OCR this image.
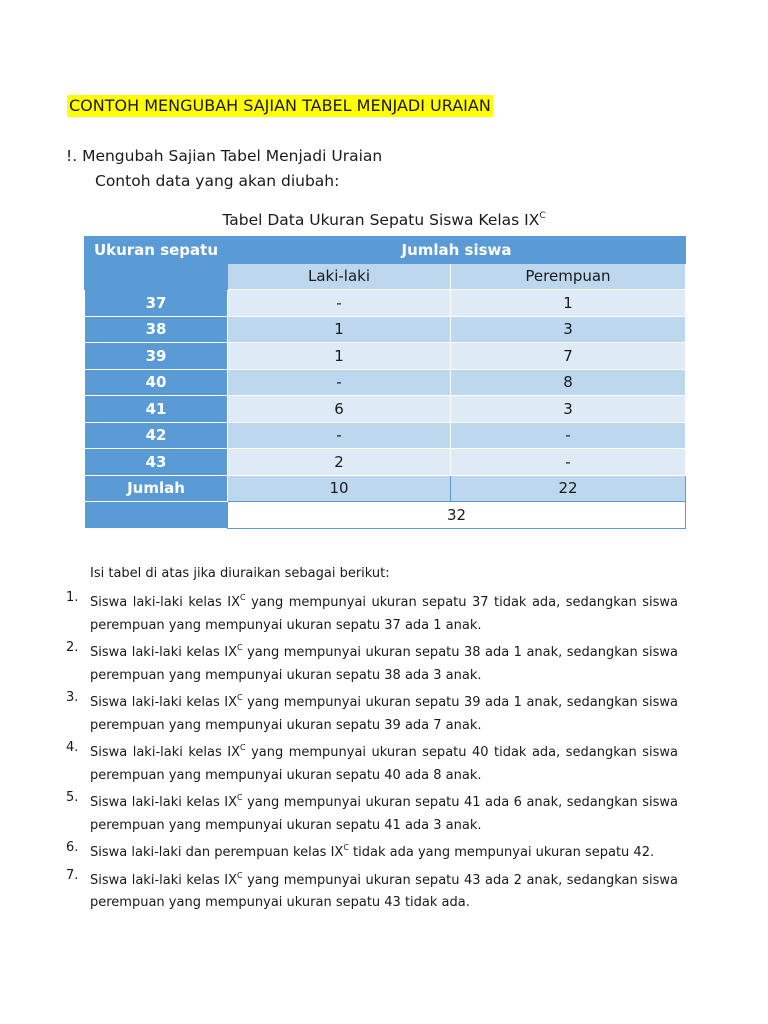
CONTOH MENGUBAH SAJIAN TABEL MENJADI URAIAN
!. Mengubah Sajian Tabel Menjadi Uraian
Contoh data yang akan diubah:
Tabel Data Ukuran Sepatu Siswa Kelas $IX^C$
Ukuran sepatu	Jumlah siswa	
	Laki-laki	Perempuan
37	-	1
38	1	3
39	1	7
40	-	8
41	6	3
42	-	-
43	2	-
Jumlah	10	22
	32	
Isi tabel di atas jika diuraikan sebagai berikut:
1. Siswa laki-laki kelas $IX^C$ yang mempunyai ukuran sepatu 37 tidak ada, sedangkan siswa perempuan yang mempunyai ukuran sepatu 37 ada 1 anak.
2. Siswa laki-laki kelas $IX^C$ yang mempunyai ukuran sepatu 38 ada 1 anak, sedangkan siswa perempuan yang mempunyai ukuran sepatu 38 ada 3 anak.
3. Siswa laki-laki kelas $IX^C$ yang mempunyai ukuran sepatu 39 ada 1 anak, sedangkan siswa perempuan yang mempunyai ukuran sepatu 39 ada 7 anak.
4. Siswa laki-laki kelas $IX^C$ yang mempunyai ukuran sepatu 40 tidak ada, sedangkan siswa perempuan yang mempunyai ukuran sepatu 40 ada 8 anak.
5. Siswa laki-laki kelas $IX^C$ yang mempunyai ukuran sepatu 41 ada 6 anak, sedangkan siswa perempuan yang mempunyai ukuran sepatu 41 ada 3 anak.
6. Siswa laki-laki dan perempuan kelas $IX^C$ tidak ada yang mempunyai ukuran sepatu 42.
7. Siswa laki-laki kelas $IX^C$ yang mempunyai ukuran sepatu 43 ada 2 anak, sedangkan siswa perempuan yang mempunyai ukuran sepatu 43 tidak ada.
